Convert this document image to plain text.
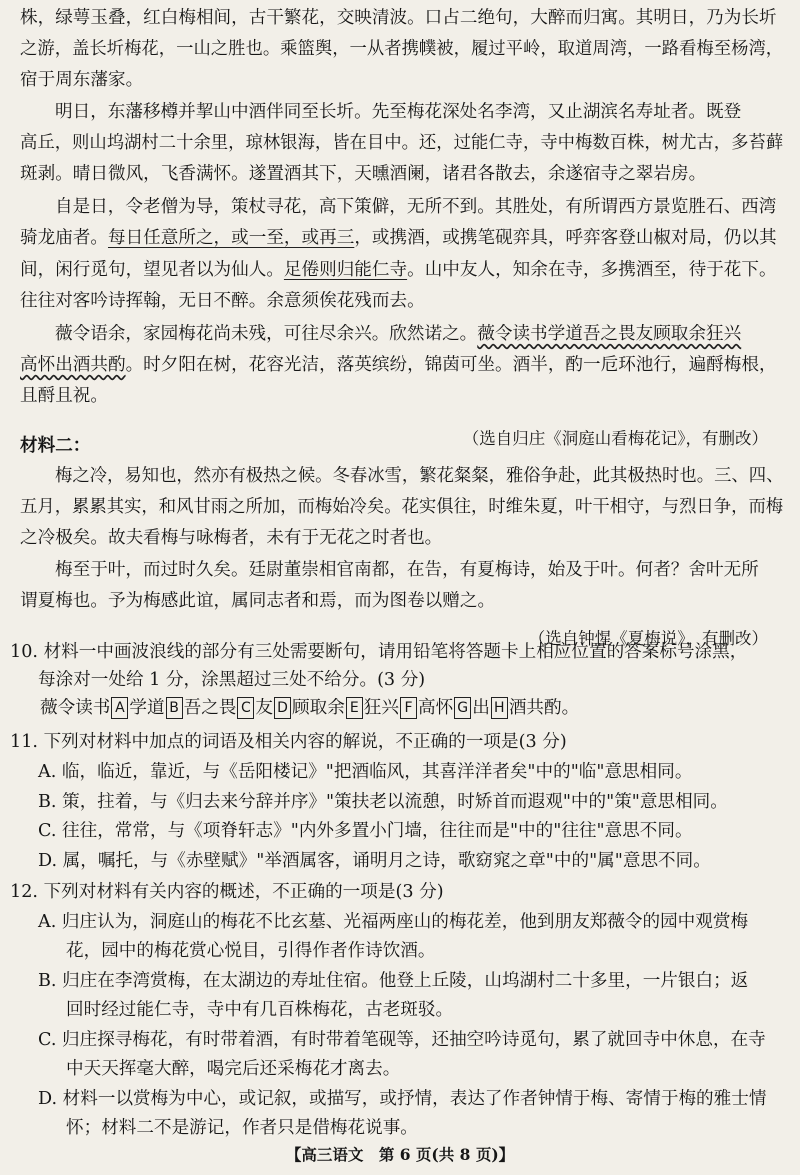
株，绿萼玉叠，红白梅相间，古干繁花，交映清波。口占二绝句，大醉而归寓。其明日，乃为长圻

之游，盖长圻梅花，一山之胜也。乘篮舆，一从者携幞被，履过平岭，取道周湾，一路看梅至杨湾，

宿于周东藩家。

明日，东藩移樽并挈山中酒伴同至长圻。先至梅花深处名李湾，又止湖滨名寿址者。既登

高丘，则山坞湖村二十余里，琼林银海，皆在目中。还，过能仁寺，寺中梅数百株，树尤古，多苔藓

斑剥。晴日微风，飞香满怀。遂置酒其下，天曛酒阑，诸君各散去，余遂宿寺之翠岩房。

自是日，令老僧为导，策杖寻花，高下策僻，无所不到。其胜处，有所谓西方景览胜石、西湾

骑龙庙者。每日任意所之，或一至，或再三，或携酒，或携笔砚弈具，呼弈客登山椒对局，仍以其

间，闲行觅句，望见者以为仙人。足倦则归能仁寺。山中友人，知余在寺，多携酒至，待于花下。

往往对客吟诗挥翰，无日不醉。余意须俟花残而去。

薇令语余，家园梅花尚未残，可往尽余兴。欣然诺之。薇令读书学道吾之畏友顾取余狂兴

高怀出酒共酌。时夕阳在树，花容光洁，落英缤纷，锦茵可坐。酒半，酌一卮环池行，遍酹梅根，

且酹且祝。

（选自归庄《洞庭山看梅花记》，有删改）

材料二：

梅之冷，易知也，然亦有极热之候。冬春冰雪，繁花粲粲，雅俗争赴，此其极热时也。三、四、

五月，累累其实，和风甘雨之所加，而梅始冷矣。花实俱往，时维朱夏，叶干相守，与烈日争，而梅

之冷极矣。故夫看梅与咏梅者，未有于无花之时者也。

梅至于叶，而过时久矣。廷尉董崇相官南都，在告，有夏梅诗，始及于叶。何者？舍叶无所

谓夏梅也。予为梅感此谊，属同志者和焉，而为图卷以赠之。

（选自钟惺《夏梅说》，有删改）

10. 材料一中画波浪线的部分有三处需要断句，请用铅笔将答题卡上相应位置的答案标号涂黑，

每涂对一处给 1 分，涂黑超过三处不给分。(3 分)

薇令读书 A 学道 B 吾之畏 C 友 D 顾取余 E 狂兴 F 高怀 G 出 H 酒共酌。

11. 下列对材料中加点的词语及相关内容的解说，不正确的一项是(3 分)

A. 临，临近，靠近，与《岳阳楼记》"把酒临风，其喜洋洋者矣"中的"临"意思相同。

B. 策，拄着，与《归去来兮辞并序》"策扶老以流憩，时矫首而遐观"中的"策"意思相同。

C. 往往，常常，与《项脊轩志》"内外多置小门墙，往往而是"中的"往往"意思不同。

D. 属，嘱托，与《赤壁赋》"举酒属客，诵明月之诗，歌窈窕之章"中的"属"意思不同。

12. 下列对材料有关内容的概述，不正确的一项是(3 分)

A. 归庄认为，洞庭山的梅花不比玄墓、光福两座山的梅花差，他到朋友郑薇令的园中观赏梅

花，园中的梅花赏心悦目，引得作者作诗饮酒。

B. 归庄在李湾赏梅，在太湖边的寿址住宿。他登上丘陵，山坞湖村二十多里，一片银白；返

回时经过能仁寺，寺中有几百株梅花，古老斑驳。

C. 归庄探寻梅花，有时带着酒，有时带着笔砚等，还抽空吟诗觅句，累了就回寺中休息，在寺

中天天挥毫大醉，喝完后还采梅花才离去。

D. 材料一以赏梅为中心，或记叙，或描写，或抒情，表达了作者钟情于梅、寄情于梅的雅士情

怀；材料二不是游记，作者只是借梅花说事。

【高三语文　第 6 页(共 8 页)】
